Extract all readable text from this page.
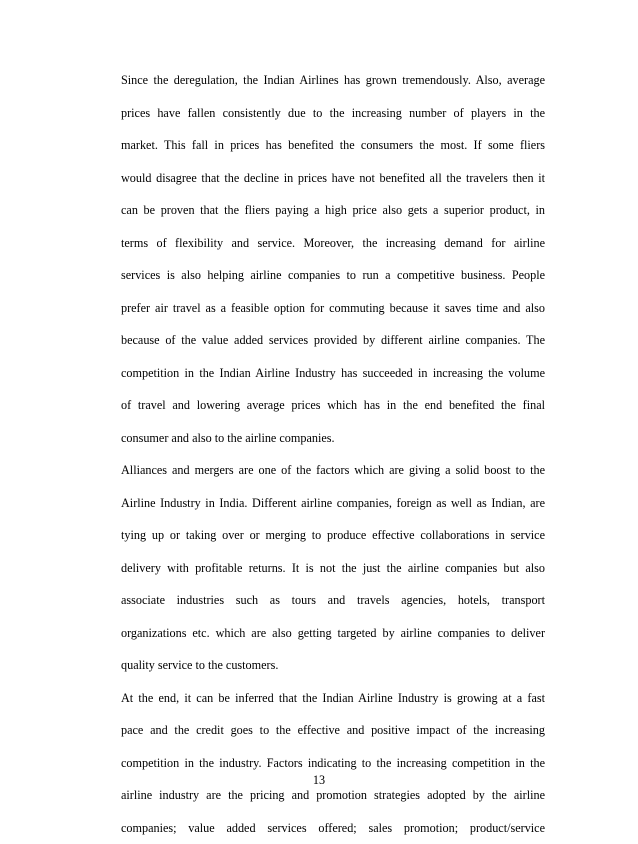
Since the deregulation, the Indian Airlines has grown tremendously. Also, average
prices have fallen consistently due to the increasing number of players in the
market. This fall in prices has benefited the consumers the most. If some fliers
would disagree that the decline in prices have not benefited all the travelers then it
can be proven that the fliers paying a high price also gets a superior product, in
terms of flexibility and service. Moreover, the increasing demand for airline
services is also helping airline companies to run a competitive business. People
prefer air travel as a feasible option for commuting because it saves time and also
because of the value added services provided by different airline companies. The
competition in the Indian Airline Industry has succeeded in increasing the volume
of travel and lowering average prices which has in the end benefited the final
consumer and also to the airline companies.

Alliances and mergers are one of the factors which are giving a solid boost to the
Airline Industry in India. Different airline companies, foreign as well as Indian, are
tying up or taking over or merging to produce effective collaborations in service
delivery with profitable returns. It is not the just the airline companies but also
associate industries such as tours and travels agencies, hotels, transport
organizations etc. which are also getting targeted by airline companies to deliver
quality service to the customers.

At the end, it can be inferred that the Indian Airline Industry is growing at a fast
pace and the credit goes to the effective and positive impact of the increasing
competition in the industry. Factors indicating to the increasing competition in the
airline industry are the pricing and promotion strategies adopted by the airline
companies; value added services offered; sales promotion; product/service

13
